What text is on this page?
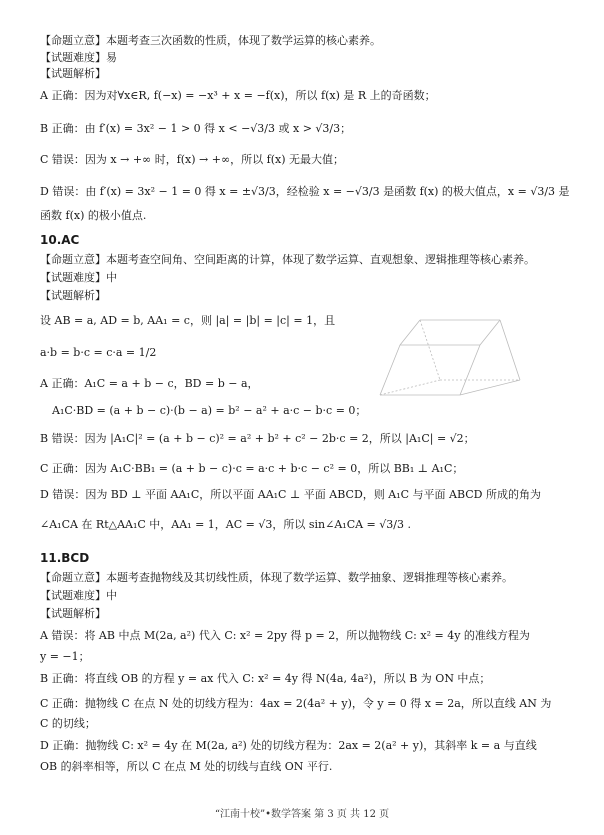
【命题立意】本题考查三次函数的性质，体现了数学运算的核心素养。
【试题难度】易
【试题解析】
A 正确：因为对∀x∈R, f(−x) = −x³ + x = −f(x)，所以 f(x) 是 R 上的奇函数；
B 正确：由 f′(x) = 3x² − 1 > 0 得 x < −√3/3 或 x > √3/3；
C 错误：因为 x → +∞ 时，f(x) → +∞，所以 f(x) 无最大值；
D 错误：由 f′(x) = 3x² − 1 = 0 得 x = ±√3/3，经检验 x = −√3/3 是函数 f(x) 的极大值点，x = √3/3 是
函数 f(x) 的极小值点.
10.AC
【命题立意】本题考查空间角、空间距离的计算，体现了数学运算、直观想象、逻辑推理等核心素养。
【试题难度】中
【试题解析】
设 AB = a, AD = b, AA₁ = c，则 |a| = |b| = |c| = 1，且
a·b = b·c = c·a = 1/2
A 正确：A₁C = a + b − c，BD = b − a，
A₁C·BD = (a + b − c)·(b − a) = b² − a² + a·c − b·c = 0；
B 错误：因为 |A₁C|² = (a + b − c)² = a² + b² + c² − 2b·c = 2，所以 |A₁C| = √2；
C 正确：因为 A₁C·BB₁ = (a + b − c)·c = a·c + b·c − c² = 0，所以 BB₁ ⊥ A₁C；
D 错误：因为 BD ⊥ 平面 AA₁C，所以平面 AA₁C ⊥ 平面 ABCD，则 A₁C 与平面 ABCD 所成的角为
∠A₁CA 在 Rt△AA₁C 中，AA₁ = 1，AC = √3，所以 sin∠A₁CA = √3/3 .
11.BCD
【命题立意】本题考查抛物线及其切线性质，体现了数学运算、数学抽象、逻辑推理等核心素养。
【试题难度】中
【试题解析】
A 错误：将 AB 中点 M(2a, a²) 代入 C: x² = 2py 得 p = 2，所以抛物线 C: x² = 4y 的准线方程为
y = −1；
B 正确：将直线 OB 的方程 y = ax 代入 C: x² = 4y 得 N(4a, 4a²)，所以 B 为 ON 中点；
C 正确：抛物线 C 在点 N 处的切线方程为：4ax = 2(4a² + y)，令 y = 0 得 x = 2a，所以直线 AN 为
C 的切线；
D 正确：抛物线 C: x² = 4y 在 M(2a, a²) 处的切线方程为：2ax = 2(a² + y)，其斜率 k = a 与直线
OB 的斜率相等，所以 C 在点 M 处的切线与直线 ON 平行.
“江南十校”•数学答案 第 3 页 共 12 页
